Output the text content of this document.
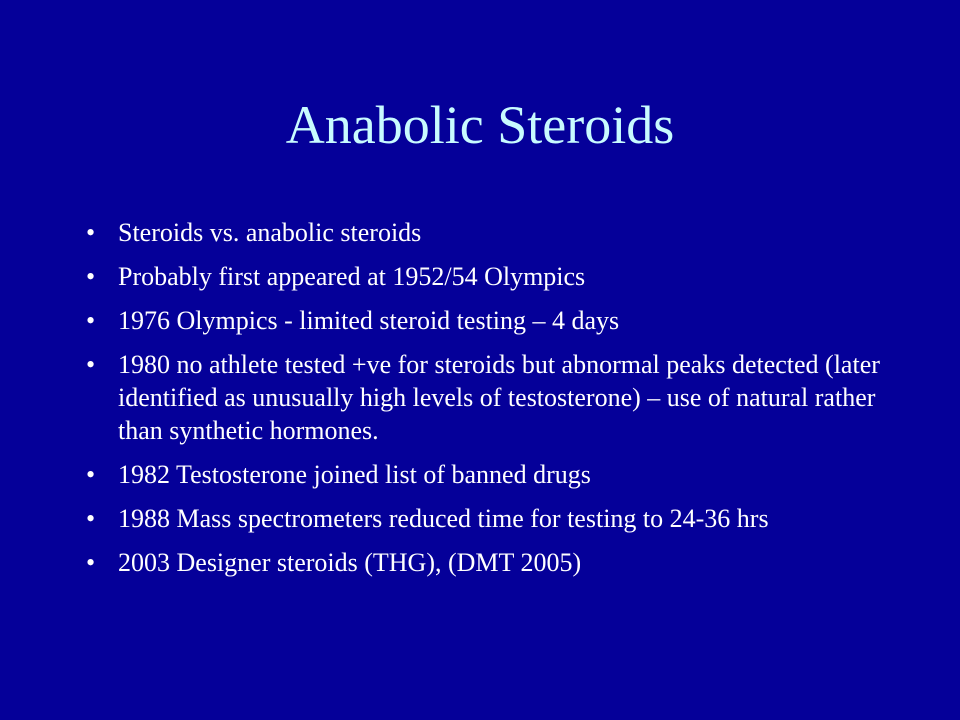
Anabolic Steroids
• Steroids vs. anabolic steroids
• Probably first appeared at 1952/54 Olympics
• 1976 Olympics - limited steroid testing – 4 days
• 1980 no athlete tested +ve for steroids but abnormal peaks detected (later identified as unusually high levels of testosterone) – use of natural rather than synthetic hormones.
• 1982 Testosterone joined list of banned drugs
• 1988 Mass spectrometers reduced time for testing to 24-36 hrs
• 2003 Designer steroids (THG), (DMT 2005)
